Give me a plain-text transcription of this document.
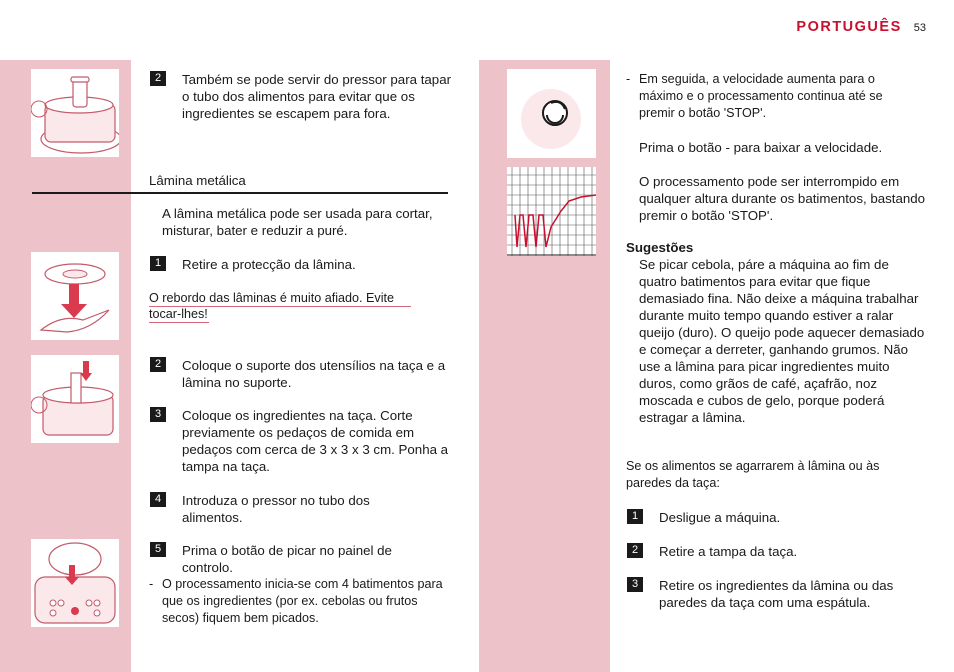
PORTUGUÊS 53
2	Também se pode servir do pressor para tapar o tubo dos alimentos para evitar que os ingredientes se escapem para fora.
Lâmina metálica
A lâmina metálica pode ser usada para cortar, misturar, bater e reduzir a puré.
1	Retire a protecção da lâmina.
O rebordo das lâminas é muito afiado. Evite
tocar-lhes!
2	Coloque o suporte dos utensílios na taça e a lâmina no suporte.
3	Coloque os ingredientes na taça. Corte previamente os pedaços de comida em pedaços com cerca de 3 x 3 x 3 cm. Ponha a tampa na taça.
4	Introduza o pressor no tubo dos alimentos.
5	Prima o botão de picar no painel de controlo.
- O processamento inicia-se com 4 batimentos para que os ingredientes (por ex. cebolas ou frutos secos) fiquem bem picados.
- Em seguida, a velocidade aumenta para o máximo e o processamento continua até se premir o botão 'STOP'.
Prima o botão - para baixar a velocidade.
O processamento pode ser interrompido em qualquer altura durante os batimentos, bastando premir o botão 'STOP'.
Sugestões
Se picar cebola, páre a máquina ao fim de quatro batimentos para evitar que fique demasiado fina. Não deixe a máquina trabalhar durante muito tempo quando estiver a ralar queijo (duro). O queijo pode aquecer demasiado e começar a derreter, ganhando grumos. Não use a lâmina para picar ingredientes muito duros, como grãos de café, açafrão, noz moscada e cubos de gelo, porque poderá estragar a lâmina.
Se os alimentos se agarrarem à lâmina ou às paredes da taça:
1	Desligue a máquina.
2	Retire a tampa da taça.
3	Retire os ingredientes da lâmina ou das paredes da taça com uma espátula.
